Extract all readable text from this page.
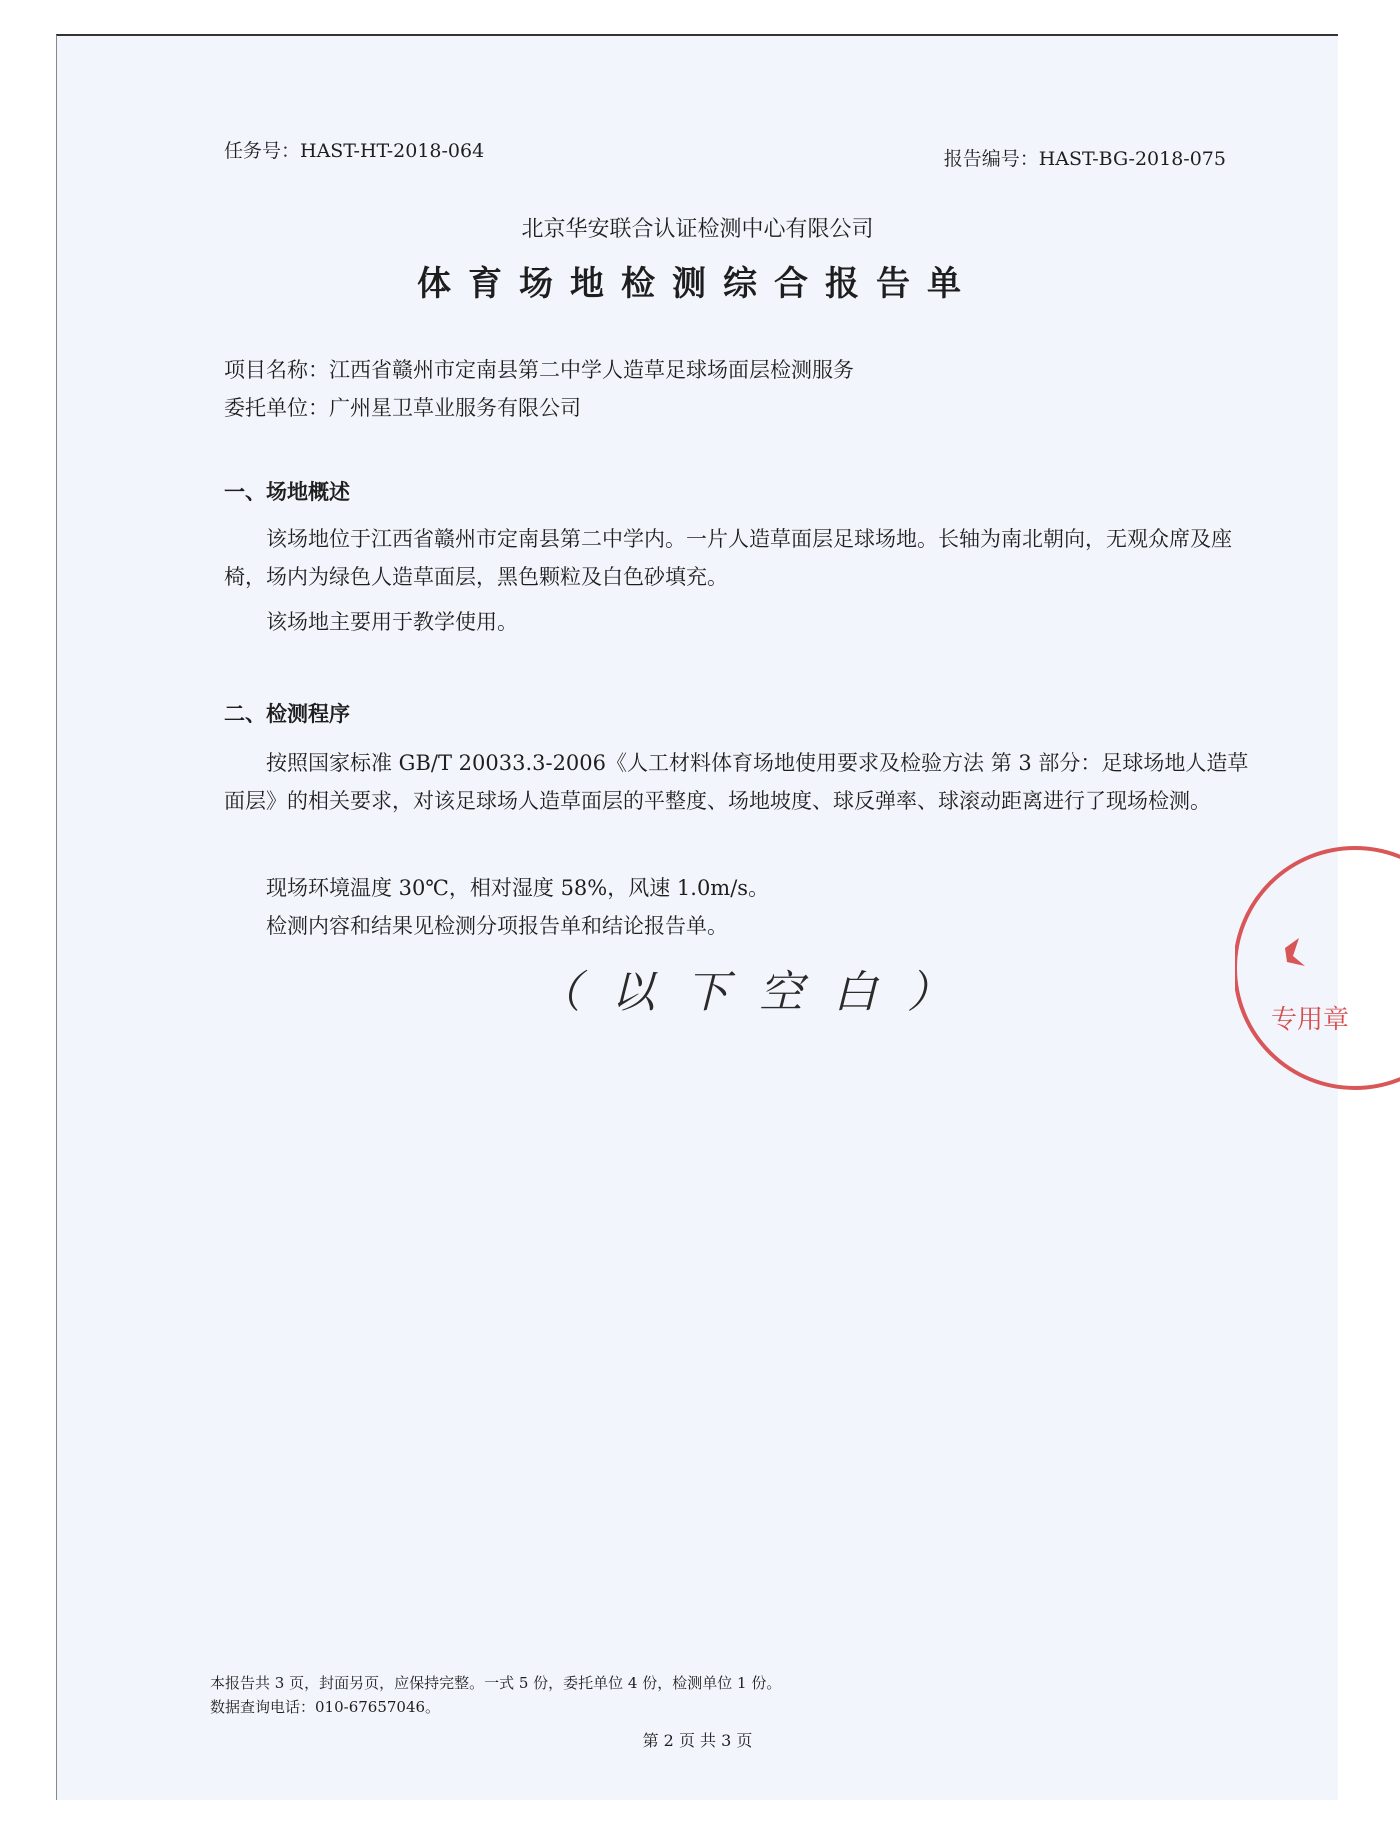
任务号：HAST-HT-2018-064	报告编号：HAST-BG-2018-075
北京华安联合认证检测中心有限公司
体育场地检测综合报告单
项目名称：江西省赣州市定南县第二中学人造草足球场面层检测服务
委托单位：广州星卫草业服务有限公司
一、场地概述
该场地位于江西省赣州市定南县第二中学内。一片人造草面层足球场地。长轴为南北朝向，无观众席及座椅，场内为绿色人造草面层，黑色颗粒及白色砂填充。
该场地主要用于教学使用。
二、检测程序
按照国家标准 GB/T 20033.3-2006《人工材料体育场地使用要求及检验方法 第 3 部分：足球场地人造草面层》的相关要求，对该足球场人造草面层的平整度、场地坡度、球反弹率、球滚动距离进行了现场检测。
现场环境温度 30℃，相对湿度 58%，风速 1.0m/s。
检测内容和结果见检测分项报告单和结论报告单。
（以下空白）
本报告共 3 页，封面另页，应保持完整。一式 5 份，委托单位 4 份，检测单位 1 份。
数据查询电话：010-67657046。
第 2 页 共 3 页
专用章
